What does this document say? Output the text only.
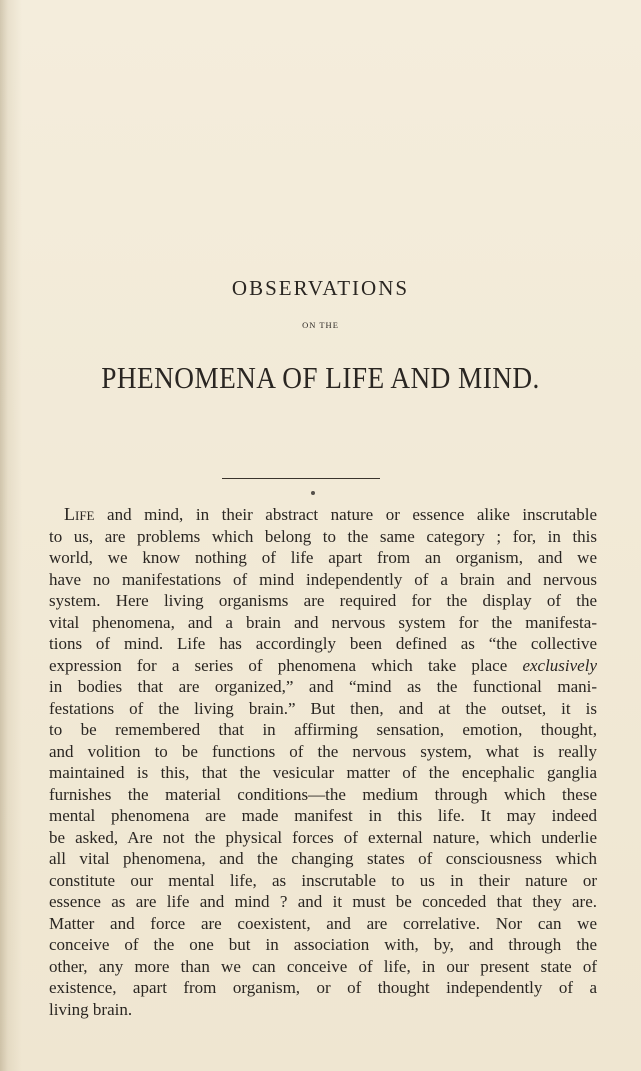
OBSERVATIONS
ON THE
PHENOMENA OF LIFE AND MIND.
Life and mind, in their abstract nature or essence alike inscrutable
to us, are problems which belong to the same category ; for, in this
world, we know nothing of life apart from an organism, and we
have no manifestations of mind independently of a brain and nervous
system. Here living organisms are required for the display of the
vital phenomena, and a brain and nervous system for the manifesta-
tions of mind. Life has accordingly been defined as “the collective
expression for a series of phenomena which take place exclusively
in bodies that are organized,” and “mind as the functional mani-
festations of the living brain.” But then, and at the outset, it is
to be remembered that in affirming sensation, emotion, thought,
and volition to be functions of the nervous system, what is really
maintained is this, that the vesicular matter of the encephalic ganglia
furnishes the material conditions—the medium through which these
mental phenomena are made manifest in this life. It may indeed
be asked, Are not the physical forces of external nature, which underlie
all vital phenomena, and the changing states of consciousness which
constitute our mental life, as inscrutable to us in their nature or
essence as are life and mind ? and it must be conceded that they are.
Matter and force are coexistent, and are correlative. Nor can we
conceive of the one but in association with, by, and through the
other, any more than we can conceive of life, in our present state of
existence, apart from organism, or of thought independently of a
living brain.
